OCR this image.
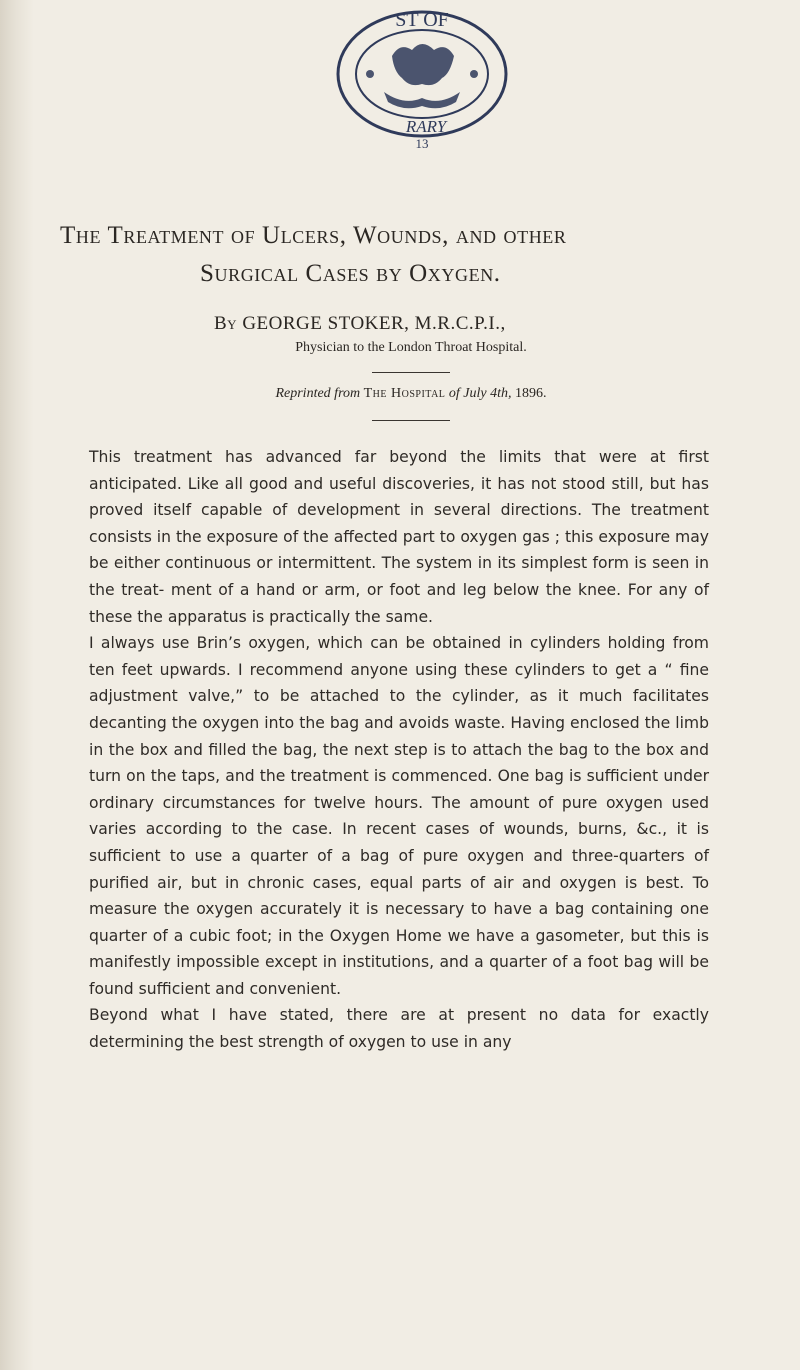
ST OF
RARY
13
The Treatment of Ulcers, Wounds, and other
Surgical Cases by Oxygen.
By GEORGE STOKER, M.R.C.P.I.,
Physician to the London Throat Hospital.
Reprinted from The Hospital of July 4th, 1896.

This treatment has advanced far beyond the limits that were at first anticipated. Like all good and useful discoveries, it has not stood still, but has proved itself capable of development in several directions. The treatment consists in the exposure of the affected part to oxygen gas ; this exposure may be either continuous or intermittent. The system in its simplest form is seen in the treat- ment of a hand or arm, or foot and leg below the knee. For any of these the apparatus is practically the same.

I always use Brin’s oxygen, which can be obtained in cylinders holding from ten feet upwards. I recommend anyone using these cylinders to get a “ fine adjustment valve,” to be attached to the cylinder, as it much facilitates decanting the oxygen into the bag and avoids waste. Having enclosed the limb in the box and filled the bag, the next step is to attach the bag to the box and turn on the taps, and the treatment is commenced. One bag is sufficient under ordinary circumstances for twelve hours. The amount of pure oxygen used varies according to the case. In recent cases of wounds, burns, &c., it is sufficient to use a quarter of a bag of pure oxygen and three-quarters of purified air, but in chronic cases, equal parts of air and oxygen is best. To measure the oxygen accurately it is necessary to have a bag containing one quarter of a cubic foot; in the Oxygen Home we have a gasometer, but this is manifestly impossible except in institutions, and a quarter of a foot bag will be found sufficient and convenient.

Beyond what I have stated, there are at present no data for exactly determining the best strength of oxygen to use in any
